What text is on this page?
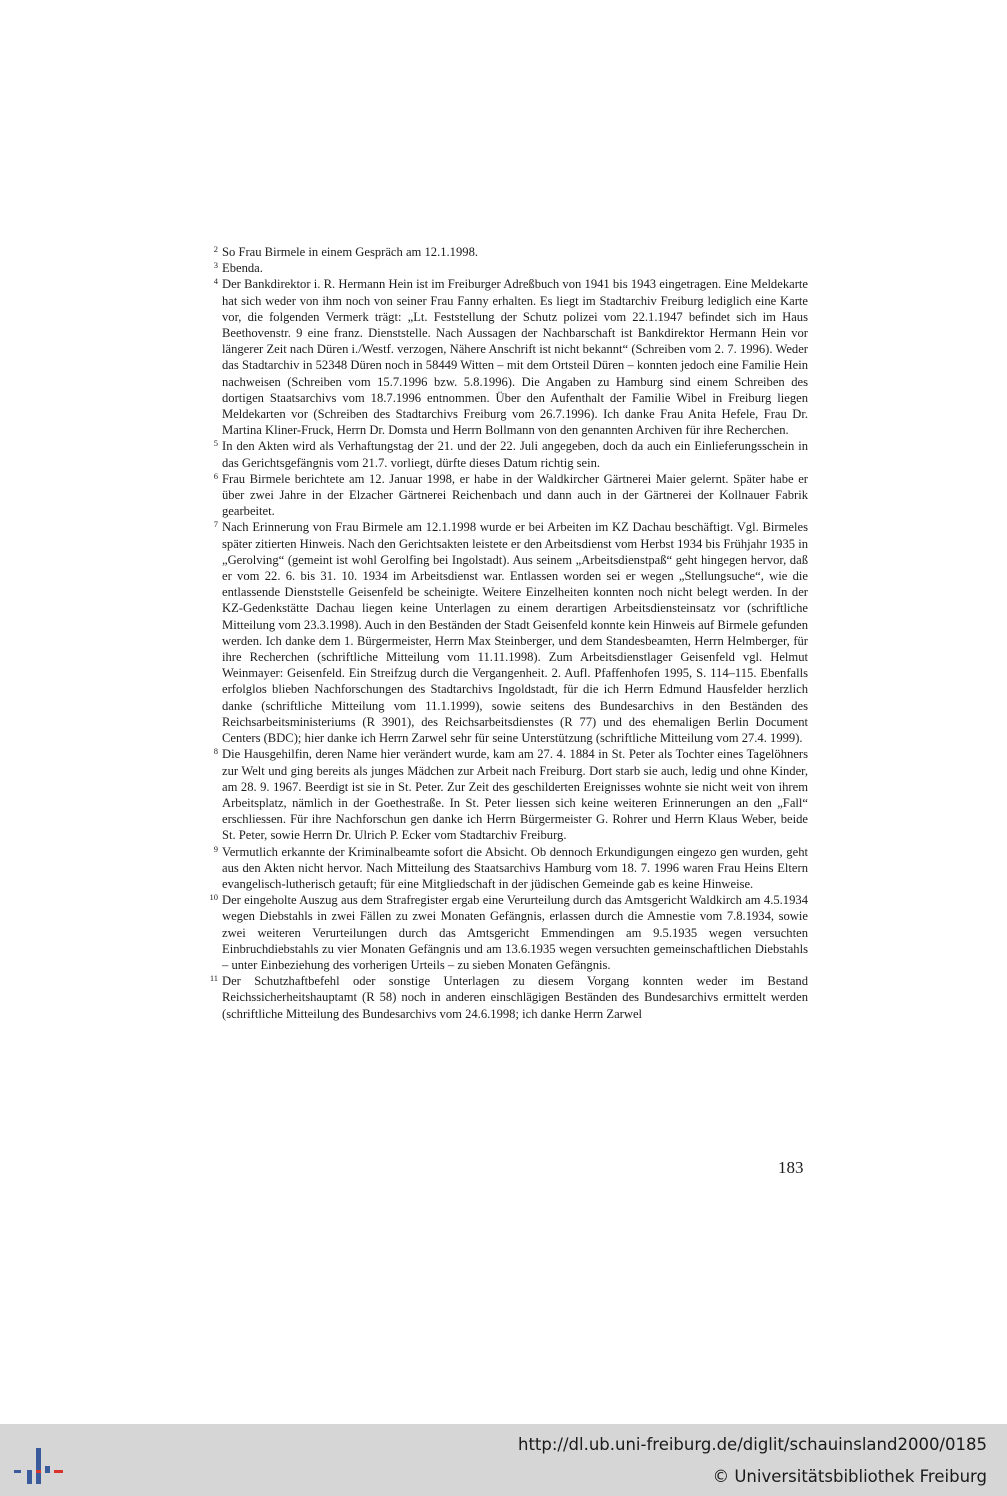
2 So Frau Birmele in einem Gespräch am 12.1.1998.
3 Ebenda.
4 Der Bankdirektor i. R. Hermann Hein ist im Freiburger Adreßbuch von 1941 bis 1943 eingetragen. Eine Meldekarte hat sich weder von ihm noch von seiner Frau Fanny erhalten. Es liegt im Stadtarchiv Freiburg lediglich eine Karte vor, die folgenden Vermerk trägt: „Lt. Feststellung der Schutz polizei vom 22.1.1947 befindet sich im Haus Beethovenstr. 9 eine franz. Dienststelle. Nach Aussagen der Nachbarschaft ist Bankdirektor Hermann Hein vor längerer Zeit nach Düren i./Westf. verzogen, Nähere Anschrift ist nicht bekannt“ (Schreiben vom 2. 7. 1996). Weder das Stadtarchiv in 52348 Düren noch in 58449 Witten – mit dem Ortsteil Düren – konnten jedoch eine Familie Hein nachweisen (Schreiben vom 15.7.1996 bzw. 5.8.1996). Die Angaben zu Hamburg sind einem Schreiben des dortigen Staatsarchivs vom 18.7.1996 entnommen. Über den Aufenthalt der Familie Wibel in Freiburg liegen Meldekarten vor (Schreiben des Stadtarchivs Freiburg vom 26.7.1996). Ich danke Frau Anita Hefele, Frau Dr. Martina Kliner-Fruck, Herrn Dr. Domsta und Herrn Bollmann von den genannten Archiven für ihre Recherchen.
5 In den Akten wird als Verhaftungstag der 21. und der 22. Juli angegeben, doch da auch ein Einlieferungsschein in das Gerichtsgefängnis vom 21.7. vorliegt, dürfte dieses Datum richtig sein.
6 Frau Birmele berichtete am 12. Januar 1998, er habe in der Waldkircher Gärtnerei Maier gelernt. Später habe er über zwei Jahre in der Elzacher Gärtnerei Reichenbach und dann auch in der Gärtnerei der Kollnauer Fabrik gearbeitet.
7 Nach Erinnerung von Frau Birmele am 12.1.1998 wurde er bei Arbeiten im KZ Dachau beschäftigt. Vgl. Birmeles später zitierten Hinweis. Nach den Gerichtsakten leistete er den Arbeitsdienst vom Herbst 1934 bis Frühjahr 1935 in „Gerolving“ (gemeint ist wohl Gerolfing bei Ingolstadt). Aus seinem „Arbeitsdienstpaß“ geht hingegen hervor, daß er vom 22. 6. bis 31. 10. 1934 im Arbeitsdienst war. Entlassen worden sei er wegen „Stellungsuche“, wie die entlassende Dienststelle Geisenfeld be scheinigte. Weitere Einzelheiten konnten noch nicht belegt werden. In der KZ-Gedenkstätte Dachau liegen keine Unterlagen zu einem derartigen Arbeitsdiensteinsatz vor (schriftliche Mitteilung vom 23.3.1998). Auch in den Beständen der Stadt Geisenfeld konnte kein Hinweis auf Birmele gefunden werden. Ich danke dem 1. Bürgermeister, Herrn Max Steinberger, und dem Standesbeamten, Herrn Helmberger, für ihre Recherchen (schriftliche Mitteilung vom 11.11.1998). Zum Arbeitsdienstlager Geisenfeld vgl. Helmut Weinmayer: Geisenfeld. Ein Streifzug durch die Vergangenheit. 2. Aufl. Pfaffenhofen 1995, S. 114–115. Ebenfalls erfolglos blieben Nachforschungen des Stadtarchivs Ingoldstadt, für die ich Herrn Edmund Hausfelder herzlich danke (schriftliche Mitteilung vom 11.1.1999), sowie seitens des Bundesarchivs in den Beständen des Reichsarbeitsministeriums (R 3901), des Reichsarbeitsdienstes (R 77) und des ehemaligen Berlin Document Centers (BDC); hier danke ich Herrn Zarwel sehr für seine Unterstützung (schriftliche Mitteilung vom 27.4. 1999).
8 Die Hausgehilfin, deren Name hier verändert wurde, kam am 27. 4. 1884 in St. Peter als Tochter eines Tagelöhners zur Welt und ging bereits als junges Mädchen zur Arbeit nach Freiburg. Dort starb sie auch, ledig und ohne Kinder, am 28. 9. 1967. Beerdigt ist sie in St. Peter. Zur Zeit des geschilderten Ereignisses wohnte sie nicht weit von ihrem Arbeitsplatz, nämlich in der Goethestraße. In St. Peter liessen sich keine weiteren Erinnerungen an den „Fall“ erschliessen. Für ihre Nachforschun gen danke ich Herrn Bürgermeister G. Rohrer und Herrn Klaus Weber, beide St. Peter, sowie Herrn Dr. Ulrich P. Ecker vom Stadtarchiv Freiburg.
9 Vermutlich erkannte der Kriminalbeamte sofort die Absicht. Ob dennoch Erkundigungen eingezo gen wurden, geht aus den Akten nicht hervor. Nach Mitteilung des Staatsarchivs Hamburg vom 18. 7. 1996 waren Frau Heins Eltern evangelisch-lutherisch getauft; für eine Mitgliedschaft in der jüdischen Gemeinde gab es keine Hinweise.
10 Der eingeholte Auszug aus dem Strafregister ergab eine Verurteilung durch das Amtsgericht Waldkirch am 4.5.1934 wegen Diebstahls in zwei Fällen zu zwei Monaten Gefängnis, erlassen durch die Amnestie vom 7.8.1934, sowie zwei weiteren Verurteilungen durch das Amtsgericht Emmendingen am 9.5.1935 wegen versuchten Einbruchdiebstahls zu vier Monaten Gefängnis und am 13.6.1935 wegen versuchten gemeinschaftlichen Diebstahls – unter Einbeziehung des vorherigen Urteils – zu sieben Monaten Gefängnis.
11 Der Schutzhaftbefehl oder sonstige Unterlagen zu diesem Vorgang konnten weder im Bestand Reichssicherheitshauptamt (R 58) noch in anderen einschlägigen Beständen des Bundesarchivs ermittelt werden (schriftliche Mitteilung des Bundesarchivs vom 24.6.1998; ich danke Herrn Zarwel
183
http://dl.ub.uni-freiburg.de/diglit/schauinsland2000/0185
© Universitätsbibliothek Freiburg
